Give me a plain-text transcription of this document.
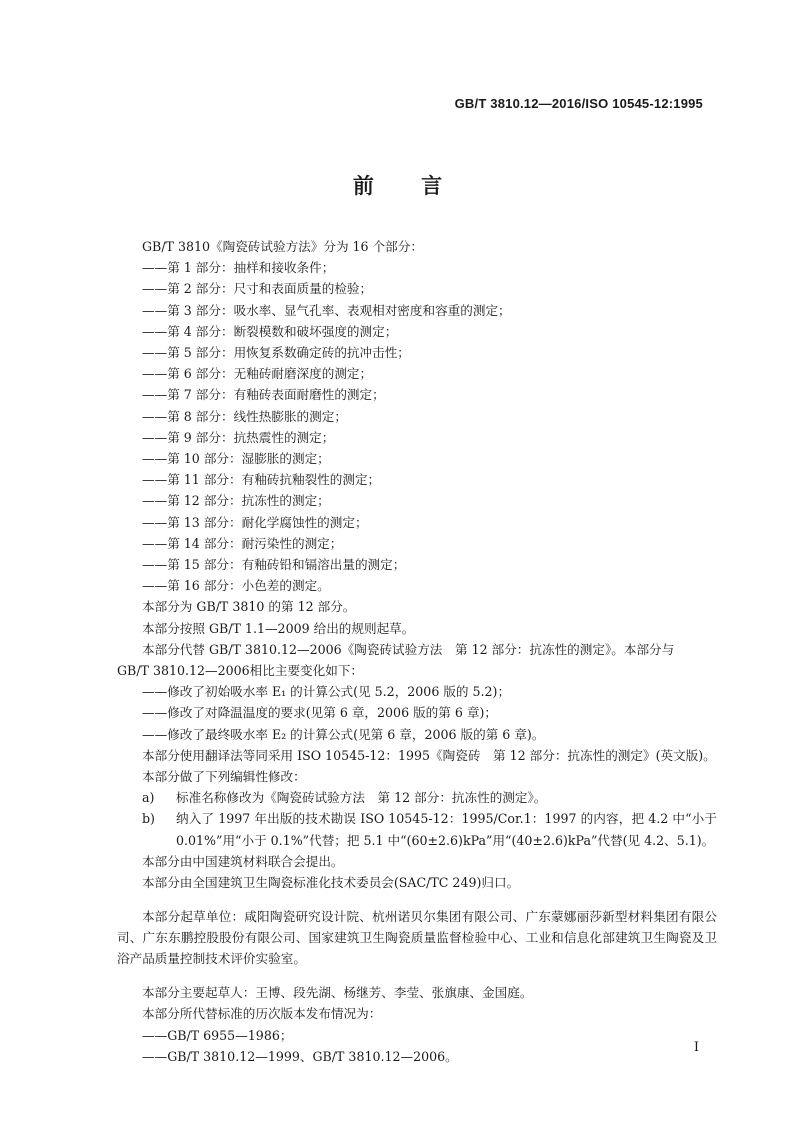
GB/T 3810.12—2016/ISO 10545-12:1995
前 言

GB/T 3810《陶瓷砖试验方法》分为 16 个部分：

——第 1 部分：抽样和接收条件；

——第 2 部分：尺寸和表面质量的检验；

——第 3 部分：吸水率、显气孔率、表观相对密度和容重的测定；

——第 4 部分：断裂模数和破坏强度的测定；

——第 5 部分：用恢复系数确定砖的抗冲击性；

——第 6 部分：无釉砖耐磨深度的测定；

——第 7 部分：有釉砖表面耐磨性的测定；

——第 8 部分：线性热膨胀的测定；

——第 9 部分：抗热震性的测定；

——第 10 部分：湿膨胀的测定；

——第 11 部分：有釉砖抗釉裂性的测定；

——第 12 部分：抗冻性的测定；

——第 13 部分：耐化学腐蚀性的测定；

——第 14 部分：耐污染性的测定；

——第 15 部分：有釉砖铅和镉溶出量的测定；

——第 16 部分：小色差的测定。

本部分为 GB/T 3810 的第 12 部分。

本部分按照 GB/T 1.1—2009 给出的规则起草。

本部分代替 GB/T 3810.12—2006《陶瓷砖试验方法　第 12 部分：抗冻性的测定》。本部分与

GB/T 3810.12—2006相比主要变化如下：

——修改了初始吸水率 E₁ 的计算公式(见 5.2，2006 版的 5.2)；

——修改了对降温温度的要求(见第 6 章，2006 版的第 6 章)；

——修改了最终吸水率 E₂ 的计算公式(见第 6 章，2006 版的第 6 章)。

本部分使用翻译法等同采用 ISO 10545-12：1995《陶瓷砖　第 12 部分：抗冻性的测定》(英文版)。

本部分做了下列编辑性修改：

a)	标准名称修改为《陶瓷砖试验方法　第 12 部分：抗冻性的测定》。
b)	纳入了 1997 年出版的技术勘误 ISO 10545-12：1995/Cor.1：1997 的内容，把 4.2 中“小于 0.01%”用“小于 0.1%”代替；把 5.1 中“(60±2.6)kPa”用“(40±2.6)kPa”代替(见 4.2、5.1)。

本部分由中国建筑材料联合会提出。

本部分由全国建筑卫生陶瓷标准化技术委员会(SAC/TC 249)归口。

本部分起草单位：咸阳陶瓷研究设计院、杭州诺贝尔集团有限公司、广东蒙娜丽莎新型材料集团有限公司、广东东鹏控股股份有限公司、国家建筑卫生陶瓷质量监督检验中心、工业和信息化部建筑卫生陶瓷及卫浴产品质量控制技术评价实验室。

本部分主要起草人：王博、段先湖、杨继芳、李莹、张旗康、金国庭。

本部分所代替标准的历次版本发布情况为：

——GB/T 6955—1986；

——GB/T 3810.12—1999、GB/T 3810.12—2006。

I
